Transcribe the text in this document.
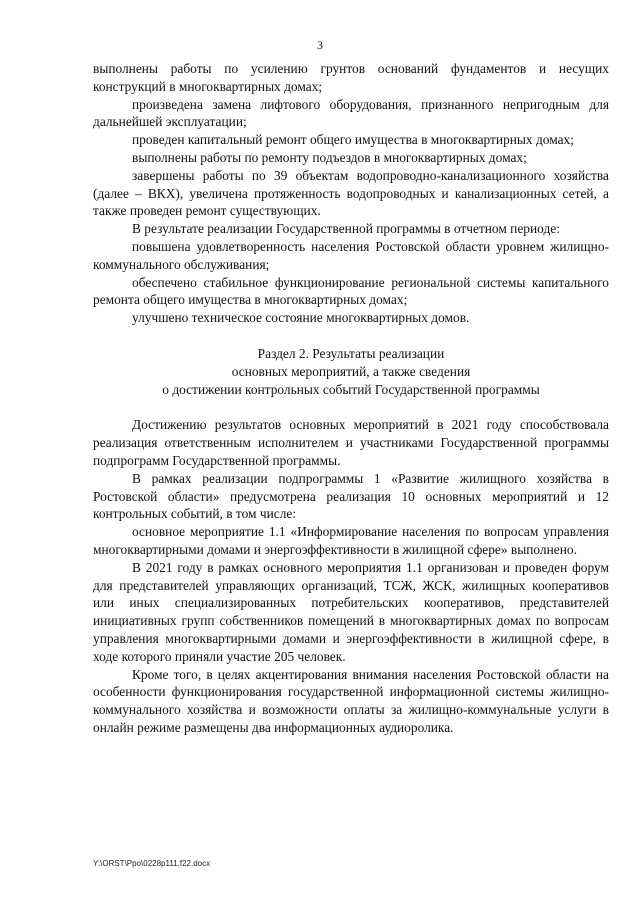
3

выполнены работы по усилению грунтов оснований фундаментов и несущих конструкций в многоквартирных домах;

произведена замена лифтового оборудования, признанного непригодным для дальнейшей эксплуатации;

проведен капитальный ремонт общего имущества в многоквартирных домах;

выполнены работы по ремонту подъездов в многоквартирных домах;

завершены работы по 39 объектам водопроводно-канализационного хозяйства (далее – ВКХ), увеличена протяженность водопроводных и канализационных сетей, а также проведен ремонт существующих.

В результате реализации Государственной программы в отчетном периоде:

повышена удовлетворенность населения Ростовской области уровнем жилищно-коммунального обслуживания;

обеспечено стабильное функционирование региональной системы капитального ремонта общего имущества в многоквартирных домах;

улучшено техническое состояние многоквартирных домов.

Раздел 2. Результаты реализации
основных мероприятий, а также сведения
о достижении контрольных событий Государственной программы

Достижению результатов основных мероприятий в 2021 году способствовала реализация ответственным исполнителем и участниками Государственной программы подпрограмм Государственной программы.

В рамках реализации подпрограммы 1 «Развитие жилищного хозяйства в Ростовской области» предусмотрена реализация 10 основных мероприятий и 12 контрольных событий, в том числе:

основное мероприятие 1.1 «Информирование населения по вопросам управления многоквартирными домами и энергоэффективности в жилищной сфере» выполнено.

В 2021 году в рамках основного мероприятия 1.1 организован и проведен форум для представителей управляющих организаций, ТСЖ, ЖСК, жилищных кооперативов или иных специализированных потребительских кооперативов, представителей инициативных групп собственников помещений в многоквартирных домах по вопросам управления многоквартирными домами и энергоэффективности в жилищной сфере, в ходе которого приняли участие 205 человек.

Кроме того, в целях акцентирования внимания населения Ростовской области на особенности функционирования государственной информационной системы жилищно-коммунального хозяйства и возможности оплаты за жилищно-коммунальные услуги в онлайн режиме размещены два информационных аудиоролика.

Y:\ORST\Ppo\0228p111.f22.docx
